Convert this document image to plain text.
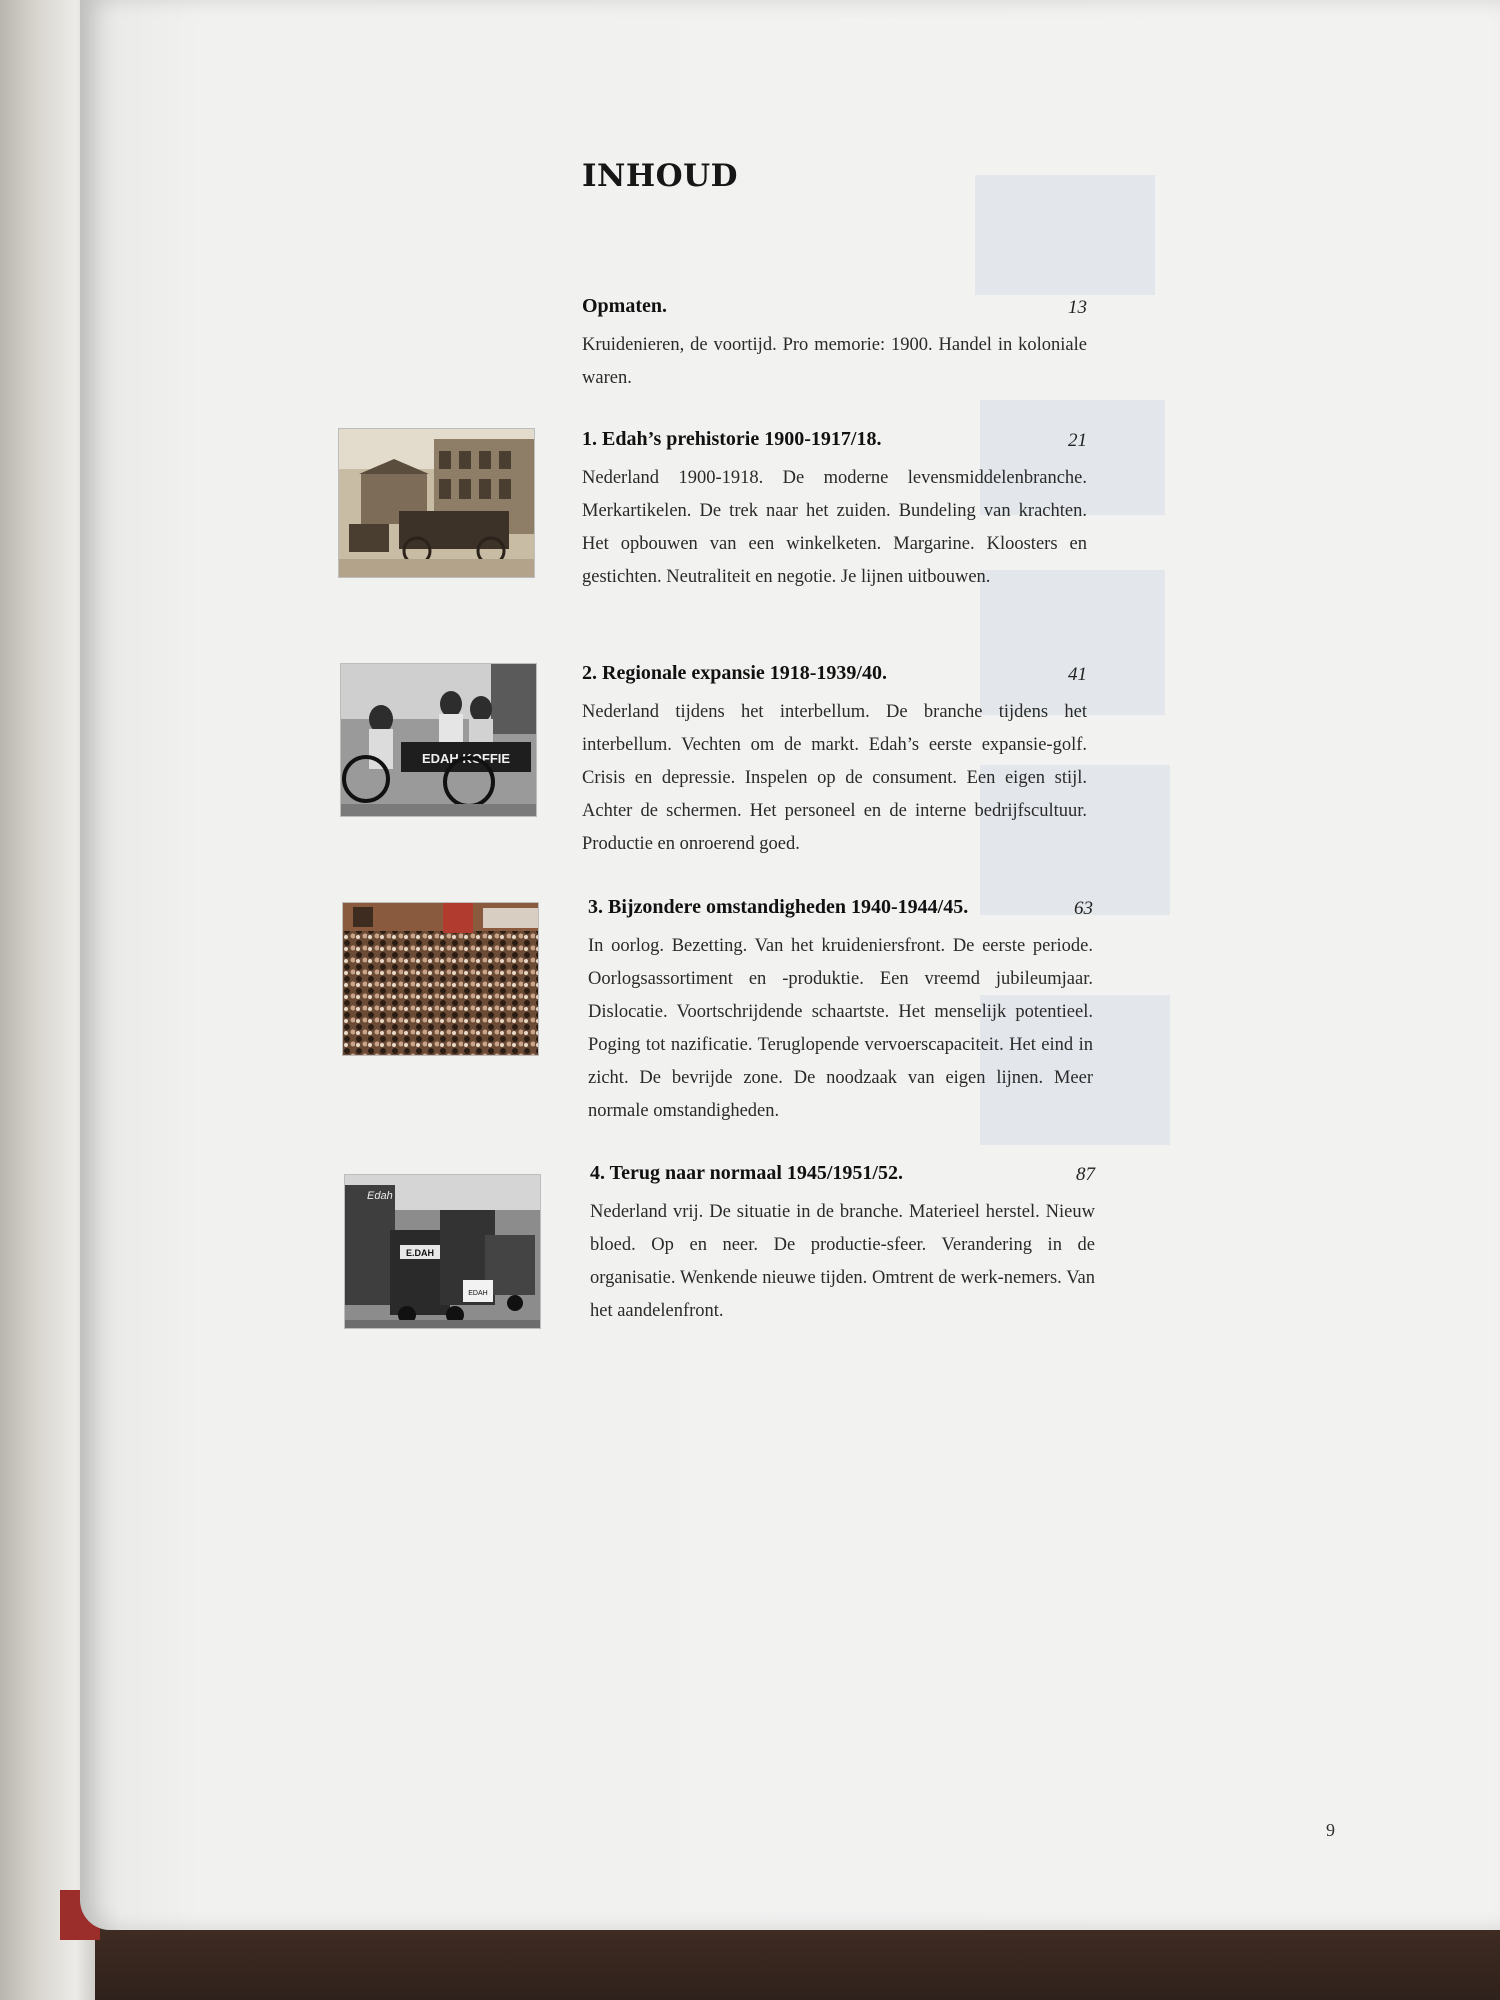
INHOUD
Opmaten.	13

Kruidenieren, de voortijd. Pro memorie: 1900. Handel in koloniale waren.

1. Edah’s prehistorie 1900-1917/18.	21

Nederland 1900-1918. De moderne levensmiddelenbranche. Merkartikelen. De trek naar het zuiden. Bundeling van krachten. Het opbouwen van een winkelketen. Margarine. Kloosters en gestichten. Neutraliteit en negotie. Je lijnen uitbouwen.

EDAH KOFFIE
2. Regionale expansie 1918-1939/40.	41

Nederland tijdens het interbellum. De branche tijdens het interbellum. Vechten om de markt. Edah’s eerste expansie-golf. Crisis en depressie. Inspelen op de consument. Een eigen stijl. Achter de schermen. Het personeel en de interne bedrijfscultuur. Productie en onroerend goed.

3. Bijzondere omstandigheden 1940-1944/45.	63

In oorlog. Bezetting. Van het kruideniersfront. De eerste periode. Oorlogsassortiment en -produktie. Een vreemd jubileumjaar. Dislocatie. Voortschrijdende schaartste. Het menselijk potentieel. Poging tot nazificatie. Teruglopende vervoerscapaciteit. Het eind in zicht. De bevrijde zone. De noodzaak van eigen lijnen. Meer normale omstandigheden.

Edah
E.DAH
EDAH
4. Terug naar normaal 1945/1951/52.	87

Nederland vrij. De situatie in de branche. Materieel herstel. Nieuw bloed. Op en neer. De productie-sfeer. Verandering in de organisatie. Wenkende nieuwe tijden. Omtrent de werk-nemers. Van het aandelenfront.

9
